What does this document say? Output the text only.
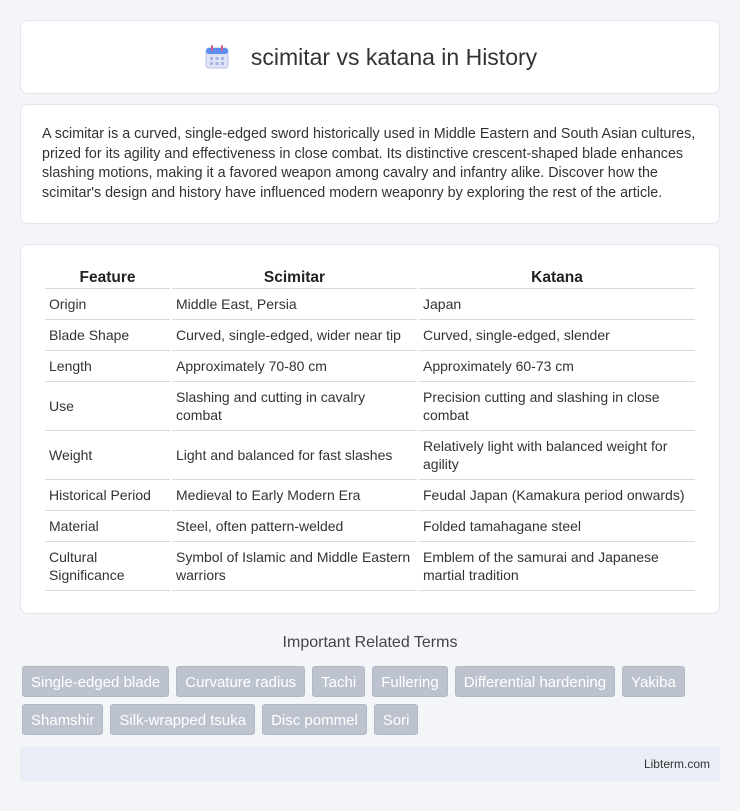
scimitar vs katana in History

A scimitar is a curved, single-edged sword historically used in Middle Eastern and South Asian cultures, prized for its agility and effectiveness in close combat. Its distinctive crescent-shaped blade enhances slashing motions, making it a favored weapon among cavalry and infantry alike. Discover how the scimitar's design and history have influenced modern weaponry by exploring the rest of the article.

Feature	Scimitar	Katana
Origin	Middle East, Persia	Japan
Blade Shape	Curved, single-edged, wider near tip	Curved, single-edged, slender
Length	Approximately 70-80 cm	Approximately 60-73 cm
Use	Slashing and cutting in cavalry combat	Precision cutting and slashing in close combat
Weight	Light and balanced for fast slashes	Relatively light with balanced weight for agility
Historical Period	Medieval to Early Modern Era	Feudal Japan (Kamakura period onwards)
Material	Steel, often pattern-welded	Folded tamahagane steel
Cultural Significance	Symbol of Islamic and Middle Eastern warriors	Emblem of the samurai and Japanese martial tradition
Important Related Terms
Single-edged blade	Curvature radius	Tachi	Fullering	Differential hardening	Yakiba
Shamshir	Silk-wrapped tsuka	Disc pommel	Sori
Libterm.com
